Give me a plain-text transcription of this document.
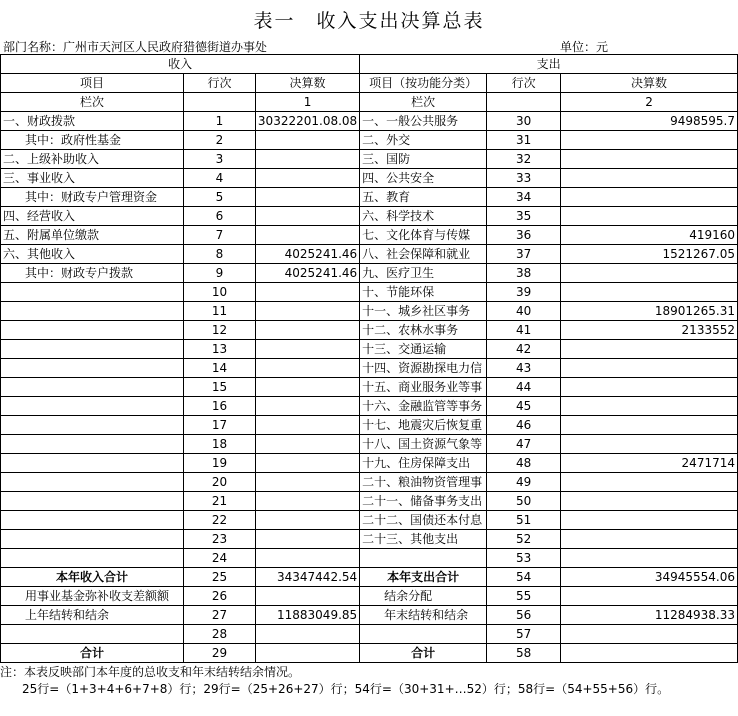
表一　收入支出决算总表
部门名称：广州市天河区人民政府猎德街道办事处	单位：元
收入			支出		
项目	行次	决算数	项目（按功能分类）	行次	决算数
栏次		1	栏次		2
一、财政拨款	1	30322201.08.08	一、一般公共服务	30	9498595.7
其中：政府性基金	2		二、外交	31	
二、上级补助收入	3		三、国防	32	
三、事业收入	4		四、公共安全	33	
其中：财政专户管理资金	5		五、教育	34	
四、经营收入	6		六、科学技术	35	
五、附属单位缴款	7		七、文化体育与传媒	36	419160
六、其他收入	8	4025241.46	八、社会保障和就业	37	1521267.05
其中：财政专户拨款	9	4025241.46	九、医疗卫生	38	
	10		十、节能环保	39	
	11		十一、城乡社区事务	40	18901265.31
	12		十二、农林水事务	41	2133552
	13		十三、交通运输	42	
	14		十四、资源勘探电力信	43	
	15		十五、商业服务业等事	44	
	16		十六、金融监管等事务	45	
	17		十七、地震灾后恢复重	46	
	18		十八、国土资源气象等	47	
	19		十九、住房保障支出	48	2471714
	20		二十、粮油物资管理事	49	
	21		二十一、储备事务支出	50	
	22		二十二、国债还本付息	51	
	23		二十三、其他支出	52	
	24			53	
本年收入合计	25	34347442.54	本年支出合计	54	34945554.06
用事业基金弥补收支差额额	26		结余分配	55	
上年结转和结余	27	11883049.85	年末结转和结余	56	11284938.33
	28			57	
合计	29		合计	58	
注：本表反映部门本年度的总收支和年末结转结余情况。
25行=（1+3+4+6+7+8）行；29行=（25+26+27）行；54行=（30+31+…52）行；58行=（54+55+56）行。
